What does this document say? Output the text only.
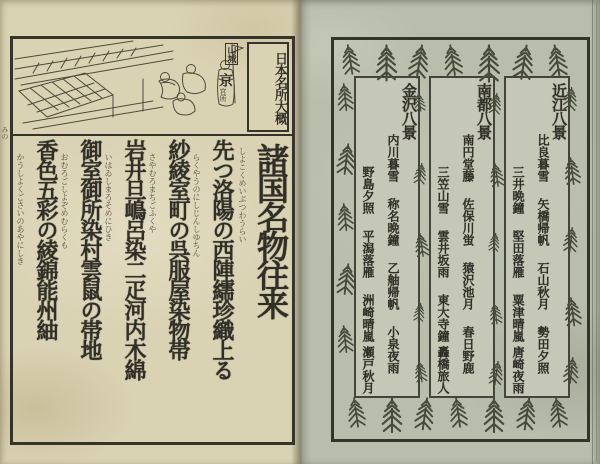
みの
山城
京
宮所	日本名所大概
諸国名物往来
しよこくめいぶつわうらい
先つ洛陽の西陣繻珍織上る
らくやうのにしじんしゆちん
紗綾室町の呉服屋染物帯
さやむろまちごふくや
岩井旦嶋呂染二疋河内木綿
いはゐしまろそめにひき
御室御所染村雲鼠の帯地
おむろごしよぞめむらくも
香色五彩の綾錦能州紬
かうしよくごさいのあやにしき
近江八景
比良暮雪
矢橋帰帆
石山秋月
勢田夕照
三井晩鐘
堅田落雁
粟津晴嵐
唐崎夜雨
南都八景
南円堂藤
佐保川蛍
猿沢池月
春日野鹿
三笠山雪
雲井坂雨
東大寺鐘
轟橋旅人
金沢八景
内川暮雪
称名晩鐘
乙舳帰帆
小泉夜雨
野島夕照
平潟落雁
洲崎晴嵐
瀬戸秋月
